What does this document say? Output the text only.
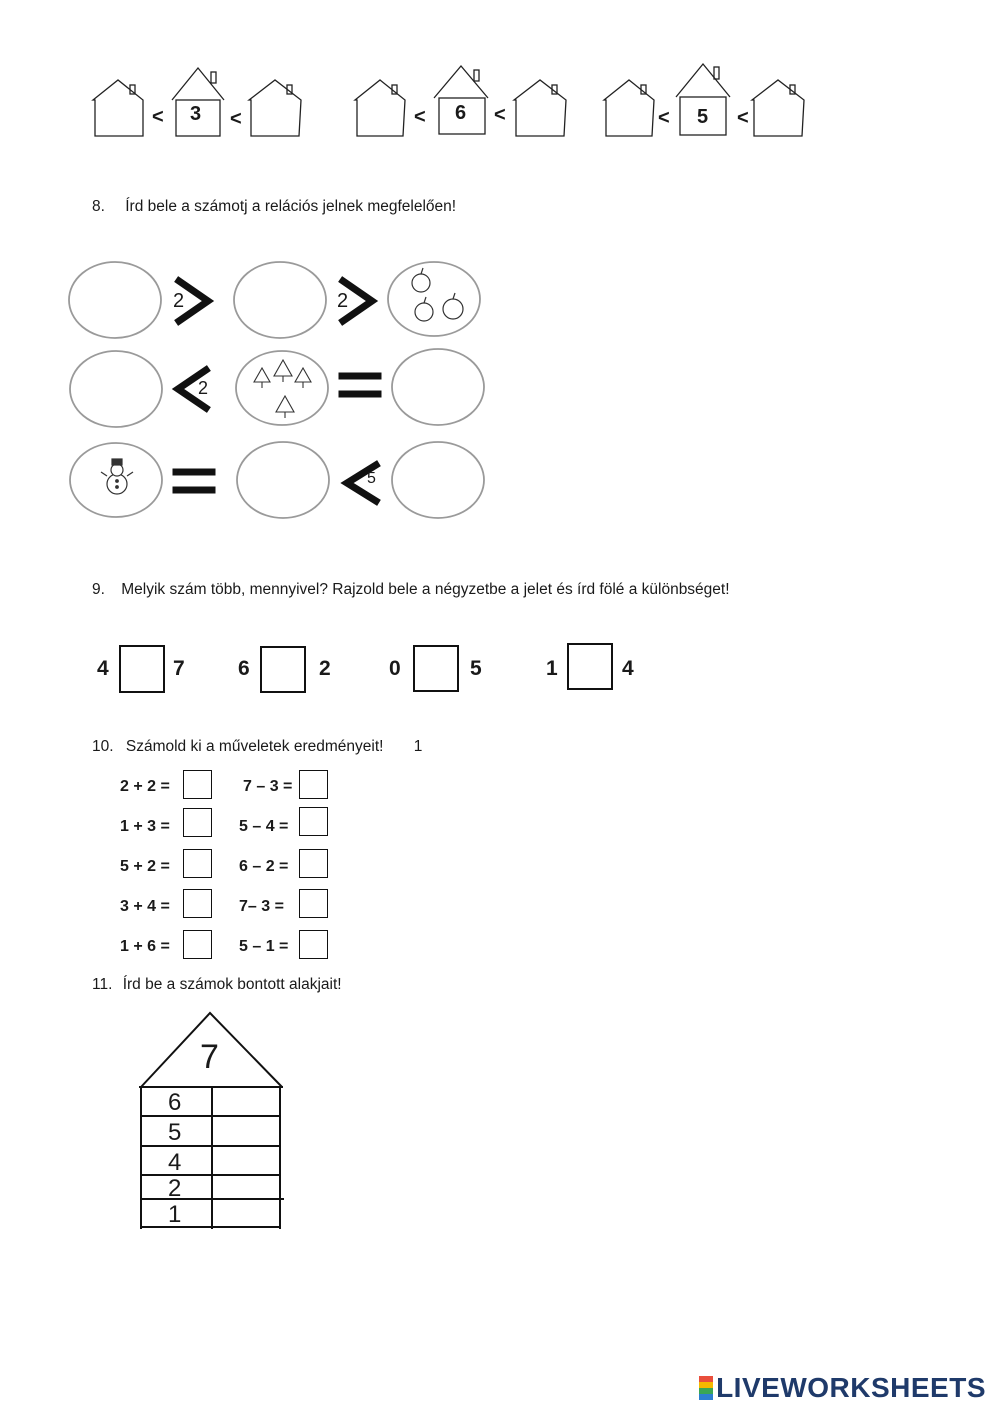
< 3 <	< 6 <	< 5 <
8. Írd bele a számotj a relációs jelnek megfelelően!
2	2
2
5
9. Melyik szám több, mennyivel? Rajzold bele a négyzetbe a jelet és írd fölé a különbséget!
4	7	6	2	0	5	1	4
10. Számold ki a műveletek eredményeit! 1
2 + 2 =	7 – 3 =
1 + 3 =	5 – 4 =
5 + 2 =	6 – 2 =
3 + 4 =	7– 3 =
1 + 6 =	5 – 1 =
11. Írd be a számok bontott alakjait!
7
6
5
4
2
1
LIVEWORKSHEETS
